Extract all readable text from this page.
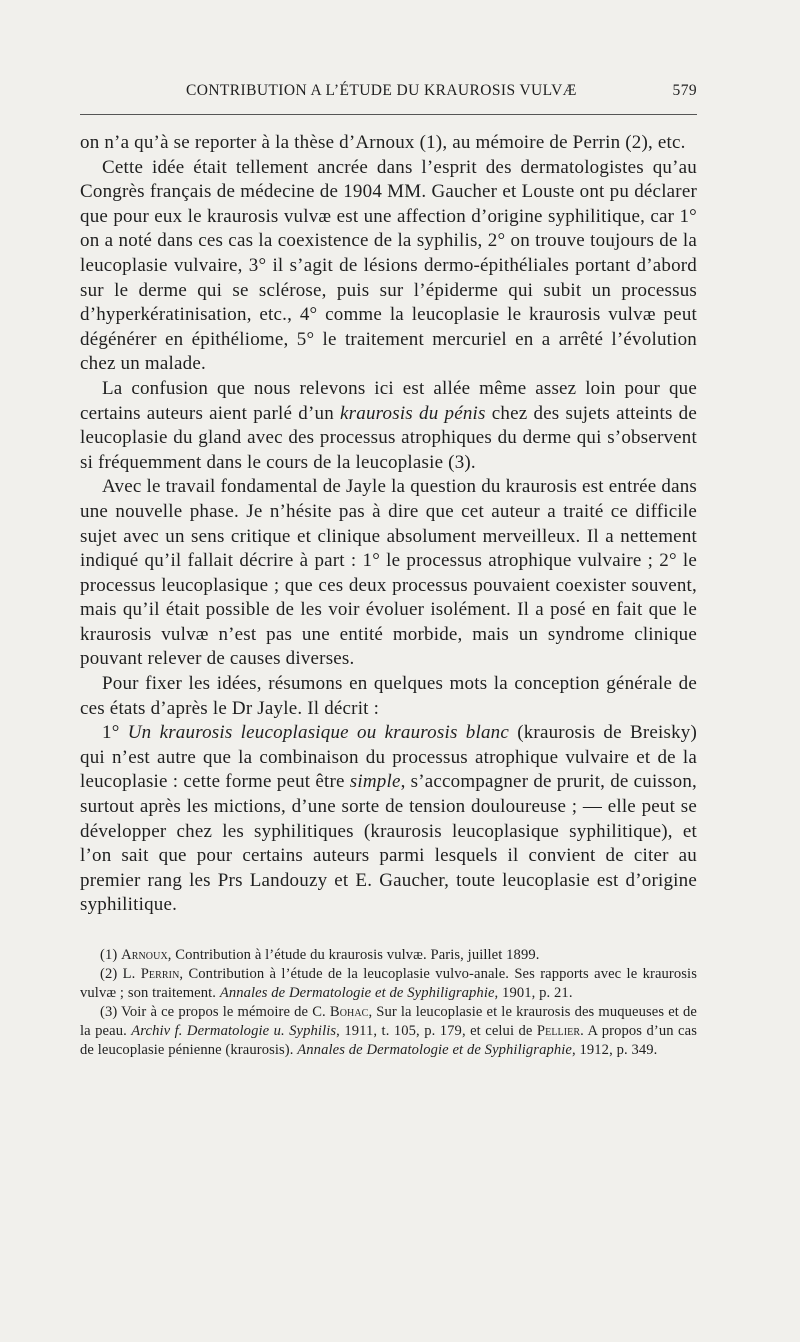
CONTRIBUTION A L’ÉTUDE DU KRAUROSIS VULVÆ	579

on n’a qu’à se reporter à la thèse d’Arnoux (1), au mémoire de Perrin (2), etc.

Cette idée était tellement ancrée dans l’esprit des dermatologistes qu’au Congrès français de médecine de 1904 MM. Gaucher et Louste ont pu déclarer que pour eux le kraurosis vulvæ est une affection d’origine syphilitique, car 1° on a noté dans ces cas la coexistence de la syphilis, 2° on trouve toujours de la leucoplasie vulvaire, 3° il s’agit de lésions dermo-épithéliales portant d’abord sur le derme qui se sclérose, puis sur l’épiderme qui subit un processus d’hyperkératinisation, etc., 4° comme la leucoplasie le kraurosis vulvæ peut dégénérer en épithéliome, 5° le traitement mercuriel en a arrêté l’évolution chez un malade.

La confusion que nous relevons ici est allée même assez loin pour que certains auteurs aient parlé d’un kraurosis du pénis chez des sujets atteints de leucoplasie du gland avec des processus atrophiques du derme qui s’observent si fréquemment dans le cours de la leucoplasie (3).

Avec le travail fondamental de Jayle la question du kraurosis est entrée dans une nouvelle phase. Je n’hésite pas à dire que cet auteur a traité ce difficile sujet avec un sens critique et clinique absolument merveilleux. Il a nettement indiqué qu’il fallait décrire à part : 1° le processus atrophique vulvaire ; 2° le processus leucoplasique ; que ces deux processus pouvaient coexister souvent, mais qu’il était possible de les voir évoluer isolément. Il a posé en fait que le kraurosis vulvæ n’est pas une entité morbide, mais un syndrome clinique pouvant relever de causes diverses.

Pour fixer les idées, résumons en quelques mots la conception générale de ces états d’après le Dr Jayle. Il décrit :

1° Un kraurosis leucoplasique ou kraurosis blanc (kraurosis de Breisky) qui n’est autre que la combinaison du processus atrophique vulvaire et de la leucoplasie : cette forme peut être simple, s’accompagner de prurit, de cuisson, surtout après les mictions, d’une sorte de tension douloureuse ; — elle peut se développer chez les syphilitiques (kraurosis leucoplasique syphilitique), et l’on sait que pour certains auteurs parmi lesquels il convient de citer au premier rang les Prs Landouzy et E. Gaucher, toute leucoplasie est d’origine syphilitique.

(1) Arnoux, Contribution à l’étude du kraurosis vulvæ. Paris, juillet 1899.

(2) L. Perrin, Contribution à l’étude de la leucoplasie vulvo-anale. Ses rapports avec le kraurosis vulvæ ; son traitement. Annales de Dermatologie et de Syphiligraphie, 1901, p. 21.

(3) Voir à ce propos le mémoire de C. Bohac, Sur la leucoplasie et le kraurosis des muqueuses et de la peau. Archiv f. Dermatologie u. Syphilis, 1911, t. 105, p. 179, et celui de Pellier. A propos d’un cas de leucoplasie pénienne (kraurosis). Annales de Dermatologie et de Syphiligraphie, 1912, p. 349.
